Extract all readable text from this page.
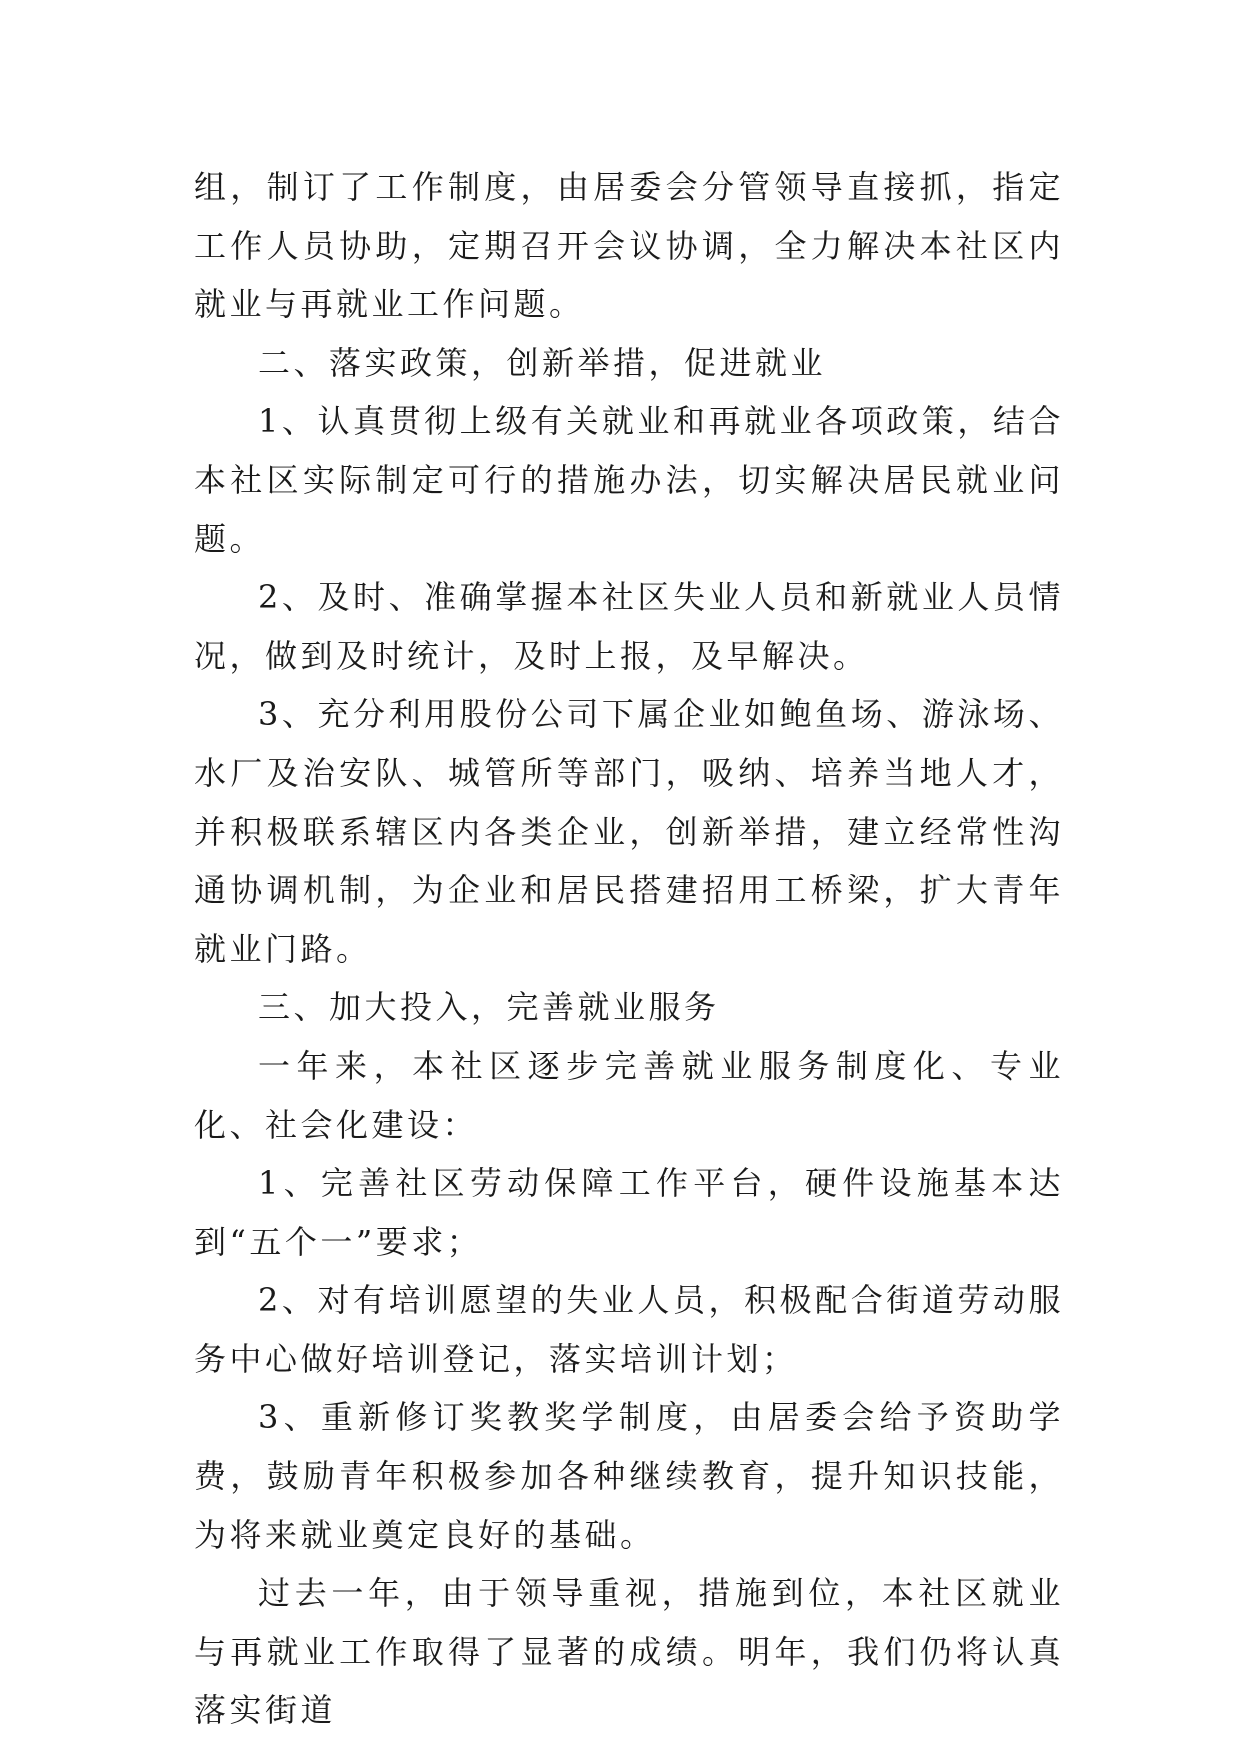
组，制订了工作制度，由居委会分管领导直接抓，指定工作人员协助，定期召开会议协调，全力解决本社区内就业与再就业工作问题。

二、落实政策，创新举措，促进就业

1、认真贯彻上级有关就业和再就业各项政策，结合本社区实际制定可行的措施办法，切实解决居民就业问题。

2、及时、准确掌握本社区失业人员和新就业人员情况，做到及时统计，及时上报，及早解决。

3、充分利用股份公司下属企业如鲍鱼场、游泳场、水厂及治安队、城管所等部门，吸纳、培养当地人才，并积极联系辖区内各类企业，创新举措，建立经常性沟通协调机制，为企业和居民搭建招用工桥梁，扩大青年就业门路。

三、加大投入，完善就业服务

一年来，本社区逐步完善就业服务制度化、专业化、社会化建设：

1、完善社区劳动保障工作平台，硬件设施基本达到“五个一”要求；

2、对有培训愿望的失业人员，积极配合街道劳动服务中心做好培训登记，落实培训计划；

3、重新修订奖教奖学制度，由居委会给予资助学费，鼓励青年积极参加各种继续教育，提升知识技能，为将来就业奠定良好的基础。

过去一年，由于领导重视，措施到位，本社区就业与再就业工作取得了显著的成绩。明年，我们仍将认真落实街道
